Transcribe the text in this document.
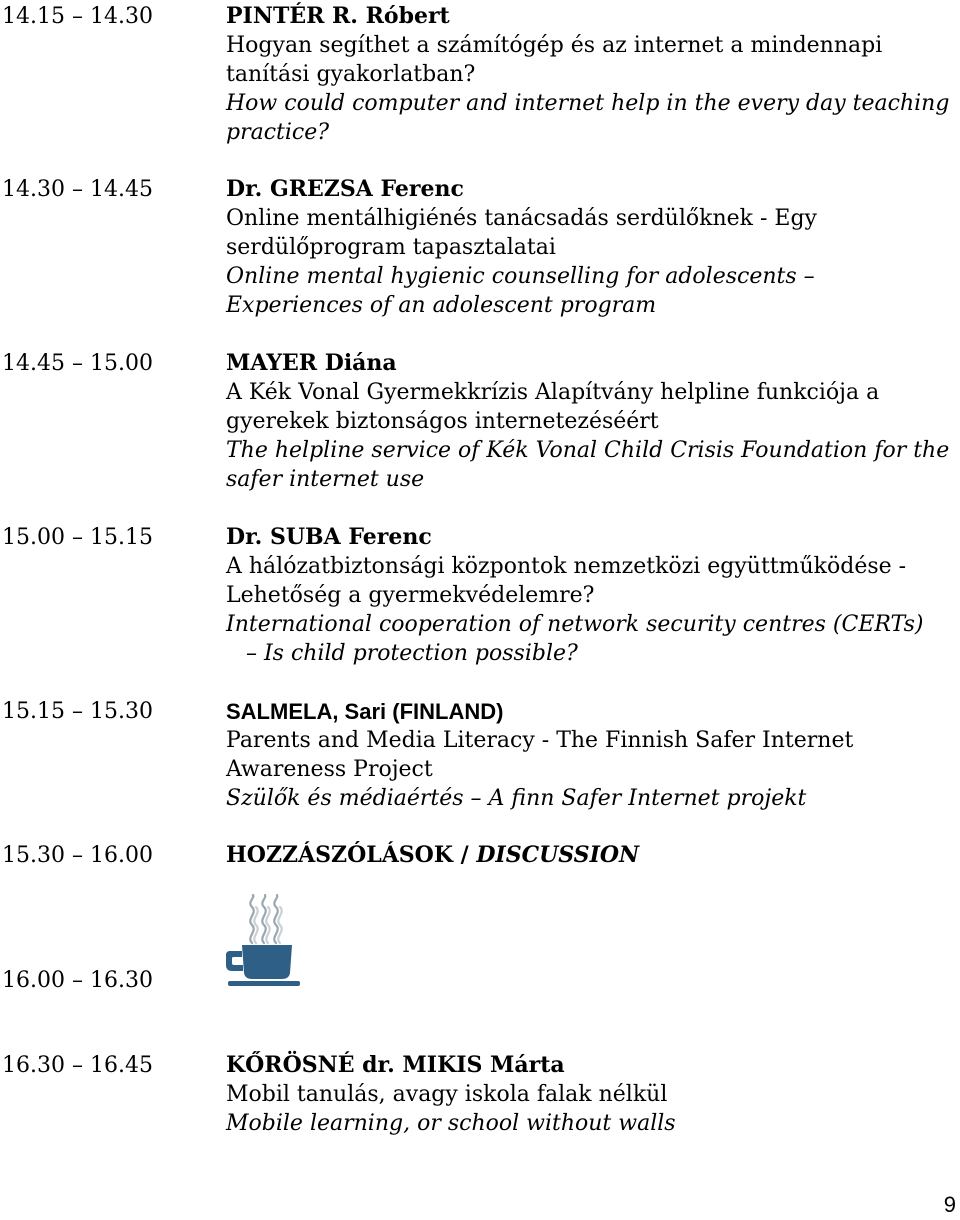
14.15 – 14.30	PINTÉR R. Róbert
Hogyan segíthet a számítógép és az internet a mindennapi
tanítási gyakorlatban?
How could computer and internet help in the every day teaching
practice?
14.30 – 14.45	Dr. GREZSA Ferenc
Online mentálhigiénés tanácsadás serdülőknek - Egy
serdülőprogram tapasztalatai
Online mental hygienic counselling for adolescents –
Experiences of an adolescent program
14.45 – 15.00	MAYER Diána
A Kék Vonal Gyermekkrízis Alapítvány helpline funkciója a
gyerekek biztonságos internetezéséért
The helpline service of Kék Vonal Child Crisis Foundation for the
safer internet use
15.00 – 15.15	Dr. SUBA Ferenc
A hálózatbiztonsági központok nemzetközi együttműködése -
Lehetőség a gyermekvédelemre?
International cooperation of network security centres (CERTs)
– Is child protection possible?
15.15 – 15.30	SALMELA, Sari (FINLAND)
Parents and Media Literacy - The Finnish Safer Internet
Awareness Project
Szülők és médiaértés – A finn Safer Internet projekt
15.30 – 16.00	HOZZÁSZÓLÁSOK / DISCUSSION
16.00 – 16.30
16.30 – 16.45	KŐRÖSNÉ dr. MIKIS Márta
Mobil tanulás, avagy iskola falak nélkül
Mobile learning, or school without walls
9
